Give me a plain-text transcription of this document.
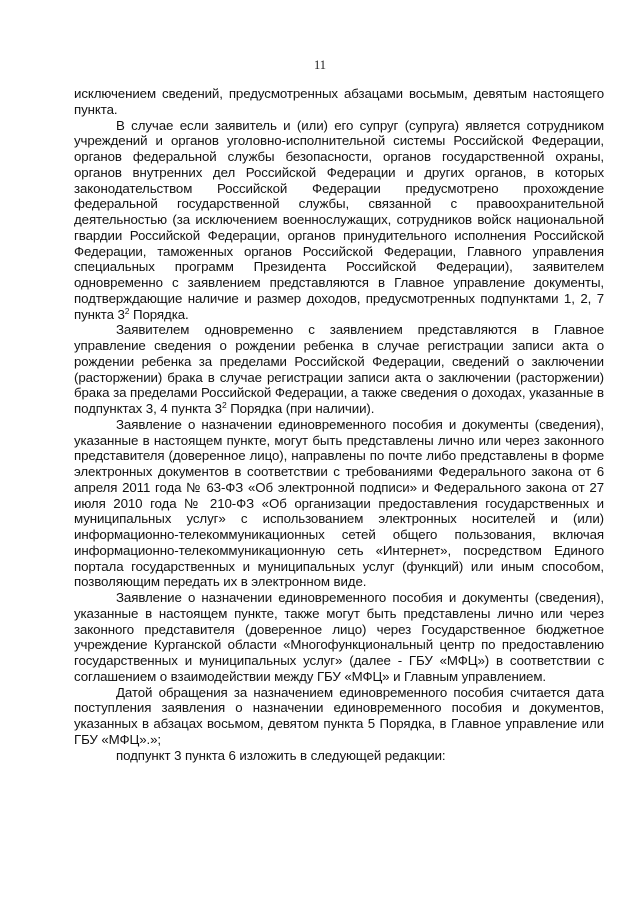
11

исключением сведений, предусмотренных абзацами восьмым, девятым настоящего пункта.

В случае если заявитель и (или) его супруг (супруга) является сотрудником учреждений и органов уголовно-исполнительной системы Российской Федерации, органов федеральной службы безопасности, органов государственной охраны, органов внутренних дел Российской Федерации и других органов, в которых законодательством Российской Федерации предусмотрено прохождение федеральной государственной службы, связанной с правоохранительной деятельностью (за исключением военнослужащих, сотрудников войск национальной гвардии Российской Федерации, органов принудительного исполнения Российской Федерации, таможенных органов Российской Федерации, Главного управления специальных программ Президента Российской Федерации), заявителем одновременно с заявлением представляются в Главное управление документы, подтверждающие наличие и размер доходов, предусмотренных подпунктами 1, 2, 7 пункта $3^2$ Порядка.

Заявителем одновременно с заявлением представляются в Главное управление сведения о рождении ребенка в случае регистрации записи акта о рождении ребенка за пределами Российской Федерации, сведений о заключении (расторжении) брака в случае регистрации записи акта о заключении (расторжении) брака за пределами Российской Федерации, а также сведения о доходах, указанные в подпунктах 3, 4 пункта $3^2$ Порядка (при наличии).

Заявление о назначении единовременного пособия и документы (сведения), указанные в настоящем пункте, могут быть представлены лично или через законного представителя (доверенное лицо), направлены по почте либо представлены в форме электронных документов в соответствии с требованиями Федерального закона от 6 апреля 2011 года № 63-ФЗ «Об электронной подписи» и Федерального закона от 27 июля 2010 года № 210-ФЗ «Об организации предоставления государственных и муниципальных услуг» с использованием электронных носителей и (или) информационно-телекоммуникационных сетей общего пользования, включая информационно-телекоммуникационную сеть «Интернет», посредством Единого портала государственных и муниципальных услуг (функций) или иным способом, позволяющим передать их в электронном виде.

Заявление о назначении единовременного пособия и документы (сведения), указанные в настоящем пункте, также могут быть представлены лично или через законного представителя (доверенное лицо) через Государственное бюджетное учреждение Курганской области «Многофункциональный центр по предоставлению государственных и муниципальных услуг» (далее - ГБУ «МФЦ») в соответствии с соглашением о взаимодействии между ГБУ «МФЦ» и Главным управлением.

Датой обращения за назначением единовременного пособия считается дата поступления заявления о назначении единовременного пособия и документов, указанных в абзацах восьмом, девятом пункта 5 Порядка, в Главное управление или ГБУ «МФЦ».»;

подпункт 3 пункта 6 изложить в следующей редакции:
